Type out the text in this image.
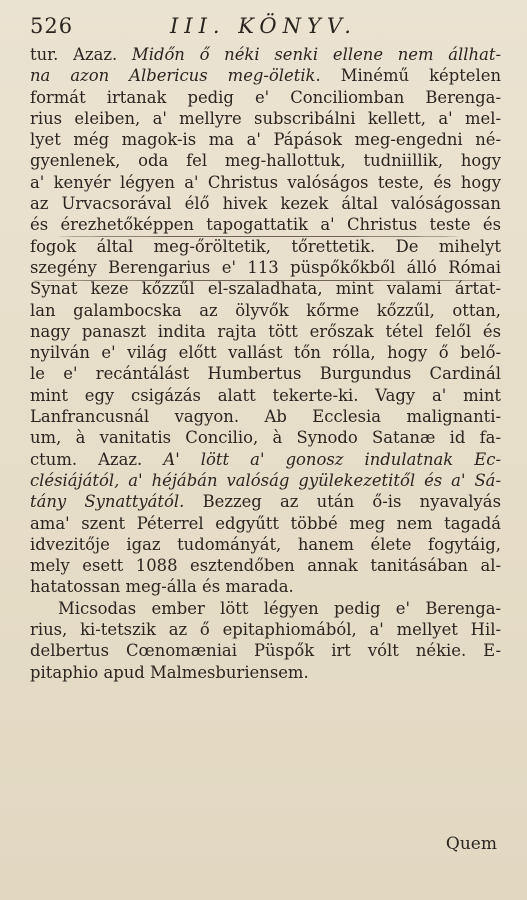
526	III. KÖNYV.
tur. Azaz. Midőn ő néki senki ellene nem állhat-
na azon Albericus meg-öletik. Minémű képtelen
formát irtanak pedig e' Conciliomban Berenga-
rius eleiben, a' mellyre subscribálni kellett, a' mel-
lyet még magok-is ma a' Pápások meg-engedni né-
gyenlenek, oda fel meg-hallottuk, tudniillik, hogy
a' kenyér légyen a' Christus valóságos teste, és hogy
az Urvacsorával élő hivek kezek által valóságossan
és érezhetőképpen tapogattatik a' Christus teste és
fogok által meg-őröltetik, tőrettetik. De mihelyt
szegény Berengarius e' 113 püspőkőkből álló Római
Synat keze kőzzűl el-szaladhata, mint valami ártat-
lan galambocska az ölyvők kőrme kőzzűl, ottan,
nagy panaszt indita rajta tött erőszak tétel felől és
nyilván e' világ előtt vallást tőn rólla, hogy ő belő-
le e' recántálást Humbertus Burgundus Cardinál
mint egy csigázás alatt tekerte-ki. Vagy a' mint
Lanfrancusnál vagyon. Ab Ecclesia malignanti-
um, à vanitatis Concilio, à Synodo Satanæ id fa-
ctum. Azaz. A' lött a' gonosz indulatnak Ec-
clésiájától, a' héjábán valóság gyülekezetitől és a' Sá-
tány Synattyától. Bezzeg az után ő-is nyavalyás
ama' szent Péterrel edgyűtt többé meg nem tagadá
idvezitője igaz tudományát, hanem élete fogytáig,
mely esett 1088 esztendőben annak tanitásában al-
hatatossan meg-álla és marada.
Micsodas ember lött légyen pedig e' Berenga-
rius, ki-tetszik az ő epitaphiomából, a' mellyet Hil-
delbertus Cœnomæniai Püspők irt vólt nékie. E-
pitaphio apud Malmesburiensem.
Quem
